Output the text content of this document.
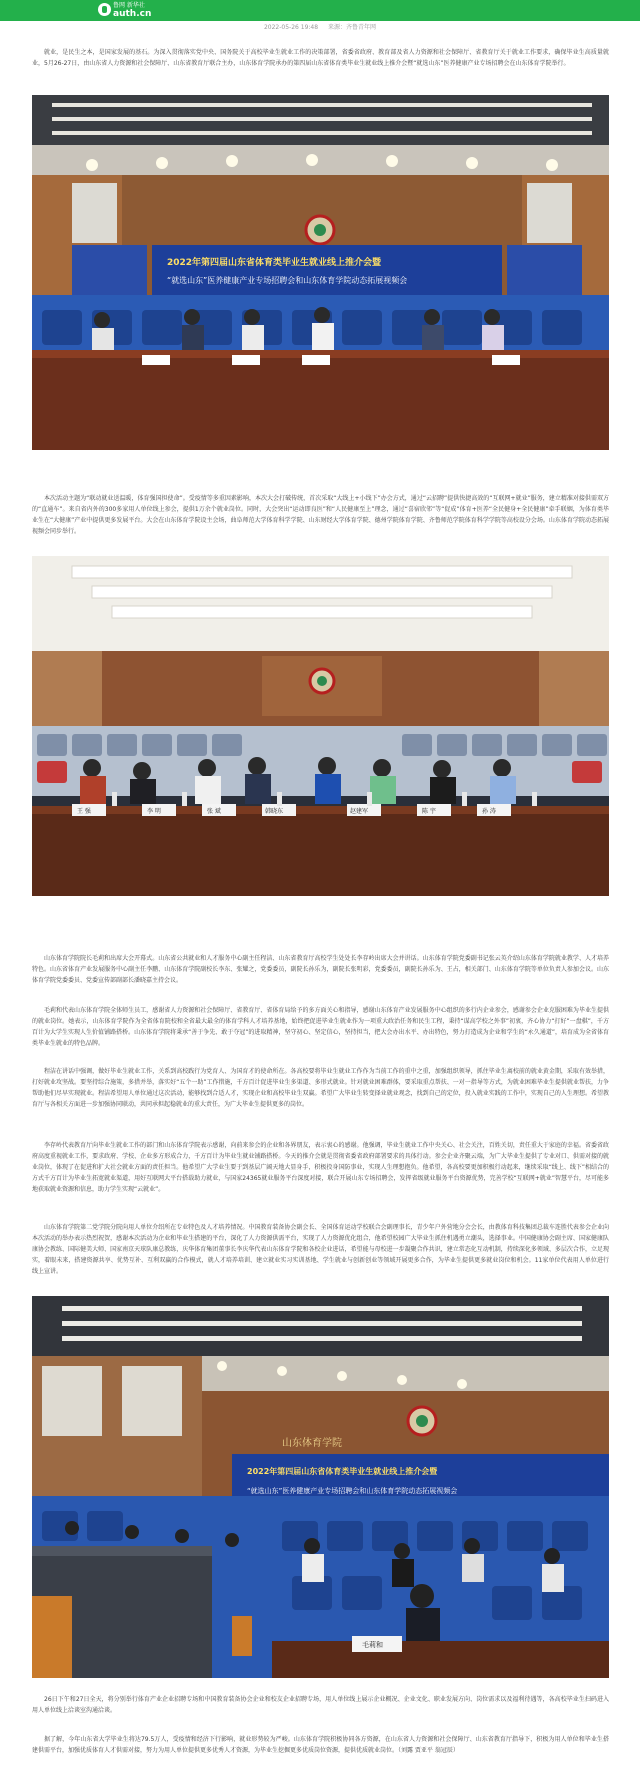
鲁网 新华社
auth.cn
2022-05-26 19:48 来源：齐鲁青年网

就业，是民生之本，是国家发展的基石。为深入贯彻落实党中央、国务院关于高校毕业生就业工作的决策部署，省委省政府、教育部及省人力资源和社会保障厅、省教育厅关于就业工作要求，确保毕业生高质量就业，5月26-27日，由山东省人力资源和社会保障厅、山东省教育厅联合主办，山东体育学院承办的第四届山东省体育类毕业生就业线上推介会暨“就选山东”医养健康产业专场招聘会在山东体育学院举行。

2022年第四届山东省体育类毕业生就业线上推介会暨
“就选山东”医养健康产业专场招聘会和山东体育学院动态拓展视频会

本次活动主题为“联动就业送温暖，体育强国担使命”。受疫情等多重因素影响，本次大会打破传统，首次采取“大线上+小线下”办会方式，通过“云招聘”提供快捷高效的“互联网+就业”服务，建立精准对接供需双方的“直通车”。来自省内外的300多家用人单位线上参会，提供1万余个就业岗位。同时，大会突出“运动即良医”和“人民健康至上”理念，通过“喜宿欣邻”等“促成”体育+医养“全民健身+全民健康”牵手联姻，为体育类毕业生在“大健康”产业中提供更多发展平台。大会在山东体育学院设主会场，曲阜师范大学体育科学学院、山东财经大学体育学院、德州学院体育学院、齐鲁师范学院体育科学学院等高校设分会场。山东体育学院动态拓展视频会同步举行。

王 强	李 明	张 斌	韩晓东	赵建军	陈 宇	孙 涛

山东体育学院院长毛莉和出席大会开幕式。山东省公共就业和人才服务中心副主任程洁、山东省教育厅高校学生处处长李存岭出席大会并讲话。山东体育学院党委副书记张云英介绍山东体育学院就业教学、人才培养特色。山东省体育产业发展服务中心副主任李鹏、山东体育学院副校长李东、张耀之，党委委员，副院长孙乐为，副院长张明彩，党委委员，副院长孙乐为、王占，相关部门、山东体育学院等单位负责人参加会议。山东体育学院党委委员、党委宣传部副部长潘晓嘉主持会议。

毛莉和代表山东体育学院全体师生员工，感谢省人力资源和社会保障厅、省教育厅、省体育局给予的多方面关心和指导，感谢山东体育产业发展服务中心组织的多行内企业参会，感谢参会企业克服困难为毕业生提供的就业岗位。她表示，山东体育学院作为全省体育院校和全省最大最全的体育学科人才培养基地，始终把促进毕业生就业作为一项重大政治任务和民生工程，秉持“谋高学校之外事”初衷，齐心协力“打好”一盘棋”，千方百计为大学生实现人生价值铺路搭桥。山东体育学院将秉承“善于争先、敢于夺冠”的进取精神，坚守初心、坚定信心，坚持担当，把大会办出水平、办出特色，努力打造成为企业和学生的“永久通道”，培育成为全省体育类毕业生就业的特色品牌。

程洁在讲话中强调，做好毕业生就业工作，关系到高校践行为党育人、为国育才的使命所在。各高校要将毕业生就业工作作为当前工作的重中之重，加强组织领导，抓住毕业生离校前的就业黄金期，采取有效举措，打好就业攻坚战。要坚持综合施策，多措并举，落实好“五个一助”工作措施，千方百计促进毕业生多渠道、多形式就业。针对就业困难群体，要采取重点帮扶、一对一指导等方式，为就业困难毕业生提供就业帮扶，力争帮助他们尽早实现就业。程洁希望用人单位通过这次活动，能够找到合适人才，实现企业和高校毕业生双赢。希望广大毕业生转变择业就业观念，找到自己的定位，投入就业实践的工作中，实现自己的人生理想。希望教育厅与各相关方面进一步加强协同联动，共同承担起稳就业的重大责任，为广大毕业生提供更多的岗位。

李存岭代表教育厅向毕业生就业工作的部门和山东体育学院表示感谢，向前来参会的企业和各界朋友，表示衷心的感谢。他强调，毕业生就业工作中央关心、社会关注，百姓关切，责任重大于家庭的幸福。省委省政府高度重视就业工作，要求政府、学校、企业多方形成合力，千方百计为毕业生就业铺路搭桥。今天的推介会就是贯彻省委省政府部署要求的具体行动。参会企业齐聚云端，为广大毕业生提供了专业对口、供需对接的就业岗位，体现了在促进和扩大社会就业方面的责任担当。他希望广大学业生要于到基层广阔天地大显身手，积极投身国防事业，实现人生理想抱负。他希望，各高校要更加积极行动起来，继续采取“线上、线下”相结合的方式千方百计为毕业生拓宽就业渠道，用好互联网大平台搭载助力就业，与国家24365就业服务平台深度对接，联合开展山东专场招聘会，发挥省级就业服务平台资源优势，完善学校“互联网+就业”智慧平台，尽可能多地获取就业资源和信息，助力学生实现“云就业”。

山东体育学院第二党学院分院向用人单位介绍所在专业特色及人才培养情况。中国教育装备协会副会长、全国体育运动学校联合会副理事长，青少年户外营地分会会长，由教体育科技集团总裁车连胜代表参会企业向本次活动的举办表示热烈祝贺，感谢本次活动为企业和毕业生搭建的平台，深化了人力资源供需平台，实现了人力资源优化组合，他希望校园广大毕业生抓住机遇勇立潮头，选择事业。中国健康协会副主席、国家健康队康协会教练、国际健美大师、国家南京天球队康总教练，庆华体育集团董事长李庆华代表山东体育学院和各校企业进话，希望能与母校进一步凝聚合作共识，建立常态化互动机制，持续深化多领域、多层次合作，立足现实，着眼未来，搭建资源共享、优势互补、互利双赢的合作模式，就人才培养培训、建立就业实习实训基地、学生就业与创新创业等领域开展更多合作，为毕业生提供更多就业岗位和机会。11家单位代表用人单位进行线上宣讲。

山东体育学院
2022年第四届山东省体育类毕业生就业线上推介会暨
“就选山东”医养健康产业专场招聘会和山东体育学院动态拓展视频会
毛莉和

26日下午和27日全天，将分别举行体育产业企业招聘专场和中国教育装备协会企业和校友企业招聘专场，用人单位线上展示企业概况、企业文化、职业发展方向、岗位需求以及福利待遇等，各高校毕业生扫码进入用人单位线上洽谈室沟通洽谈。

据了解，今年山东省大学毕业生将达79.5万人，受疫情和经济下行影响，就业形势较为严峻。山东体育学院积极协同各方资源，在山东省人力资源和社会保障厅、山东省教育厅指导下，积极为用人单位和毕业生搭建供需平台，加强优质体育人才供需对接，努力为用人单位提供更多优秀人才资源，为毕业生挖掘更多优质岗位资源，提供优质就业岗位。（刘露 贾亚平 翁冠辰）
